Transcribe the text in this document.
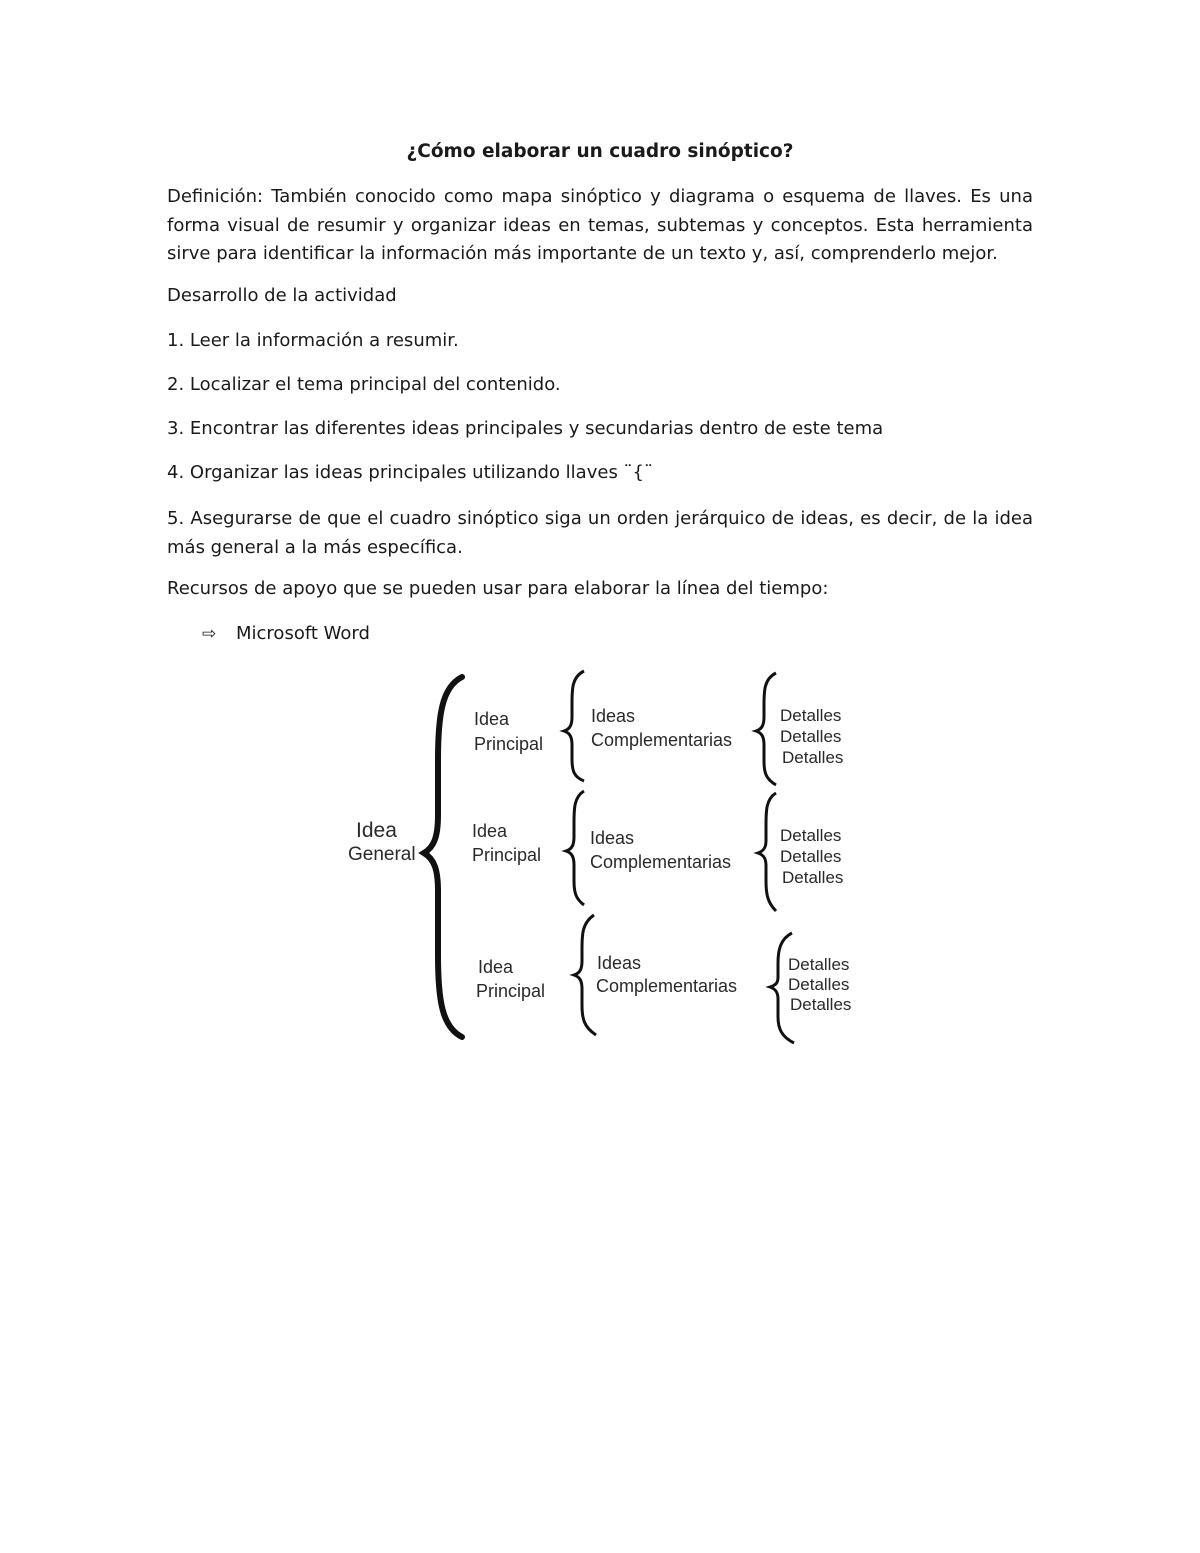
¿Cómo elaborar un cuadro sinóptico?
Definición: También conocido como mapa sinóptico y diagrama o esquema de llaves. Es una forma visual de resumir y organizar ideas en temas, subtemas y conceptos. Esta herramienta sirve para identificar la información más importante de un texto y, así, comprenderlo mejor.
Desarrollo de la actividad
1. Leer la información a resumir.
2. Localizar el tema principal del contenido.
3. Encontrar las diferentes ideas principales y secundarias dentro de este tema
4. Organizar las ideas principales utilizando llaves ¨{¨
5. Asegurarse de que el cuadro sinóptico siga un orden jerárquico de ideas, es decir, de la idea más general a la más específica.
Recursos de apoyo que se pueden usar para elaborar la línea del tiempo:
⇨ Microsoft Word
Idea
General
Idea
Principal
Ideas
Complementarias
Detalles
Detalles
Detalles
Idea
Principal
Ideas
Complementarias
Detalles
Detalles
Detalles
Idea
Principal
Ideas
Complementarias
Detalles
Detalles
Detalles
